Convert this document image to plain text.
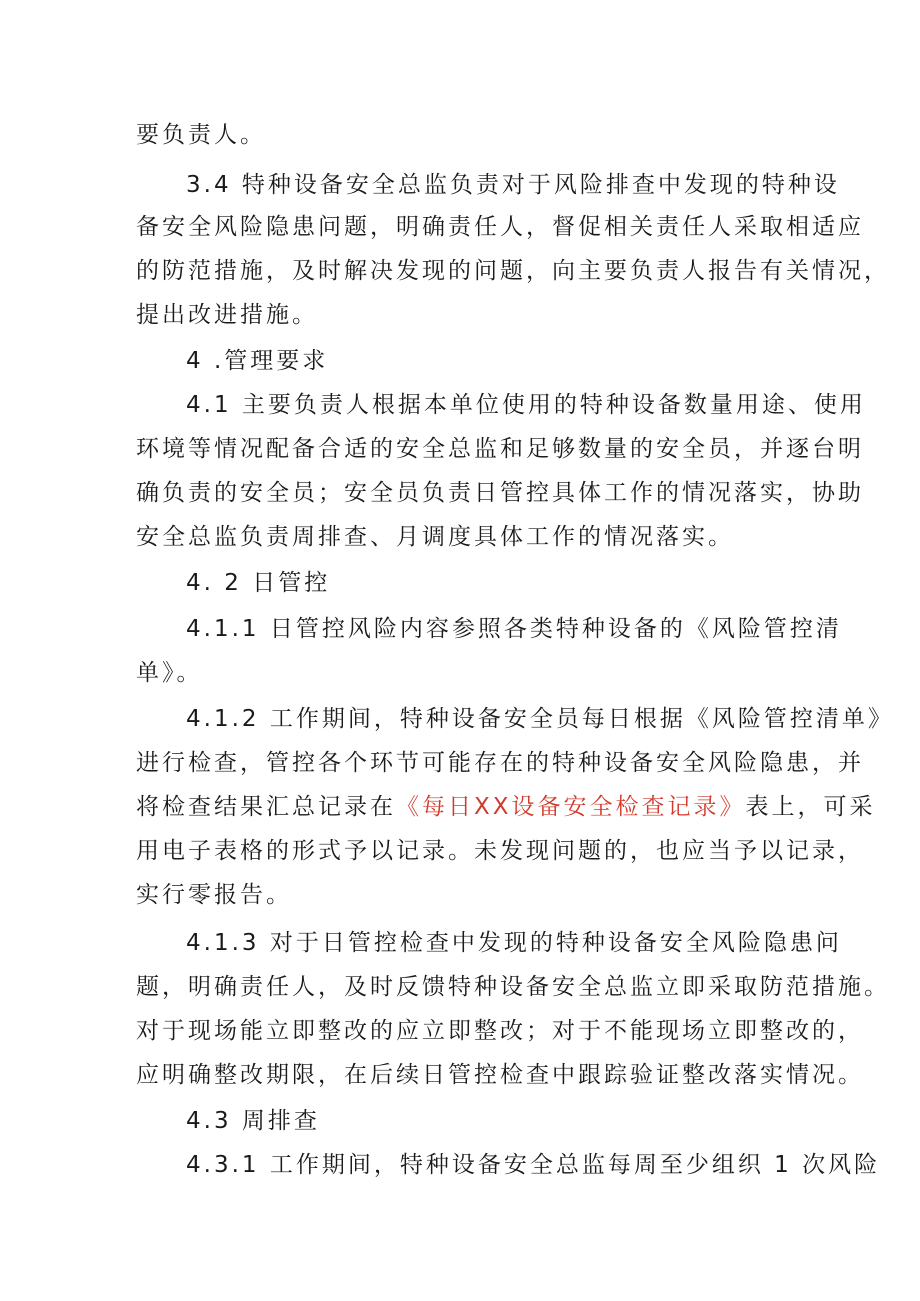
要负责人。
3.4 特种设备安全总监负责对于风险排查中发现的特种设
备安全风险隐患问题，明确责任人，督促相关责任人采取相适应
的防范措施，及时解决发现的问题，向主要负责人报告有关情况，
提出改进措施。
4 .管理要求
4.1 主要负责人根据本单位使用的特种设备数量用途、使用
环境等情况配备合适的安全总监和足够数量的安全员，并逐台明
确负责的安全员；安全员负责日管控具体工作的情况落实，协助
安全总监负责周排查、月调度具体工作的情况落实。
4. 2 日管控
4.1.1 日管控风险内容参照各类特种设备的《风险管控清
单》。
4.1.2 工作期间，特种设备安全员每日根据《风险管控清单》
进行检查，管控各个环节可能存在的特种设备安全风险隐患，并
将检查结果汇总记录在《每日XX设备安全检查记录》表上，可采
用电子表格的形式予以记录。未发现问题的，也应当予以记录，
实行零报告。
4.1.3 对于日管控检查中发现的特种设备安全风险隐患问
题，明确责任人，及时反馈特种设备安全总监立即采取防范措施。
对于现场能立即整改的应立即整改；对于不能现场立即整改的，
应明确整改期限，在后续日管控检查中跟踪验证整改落实情况。
4.3 周排查
4.3.1 工作期间，特种设备安全总监每周至少组织 1 次风险
